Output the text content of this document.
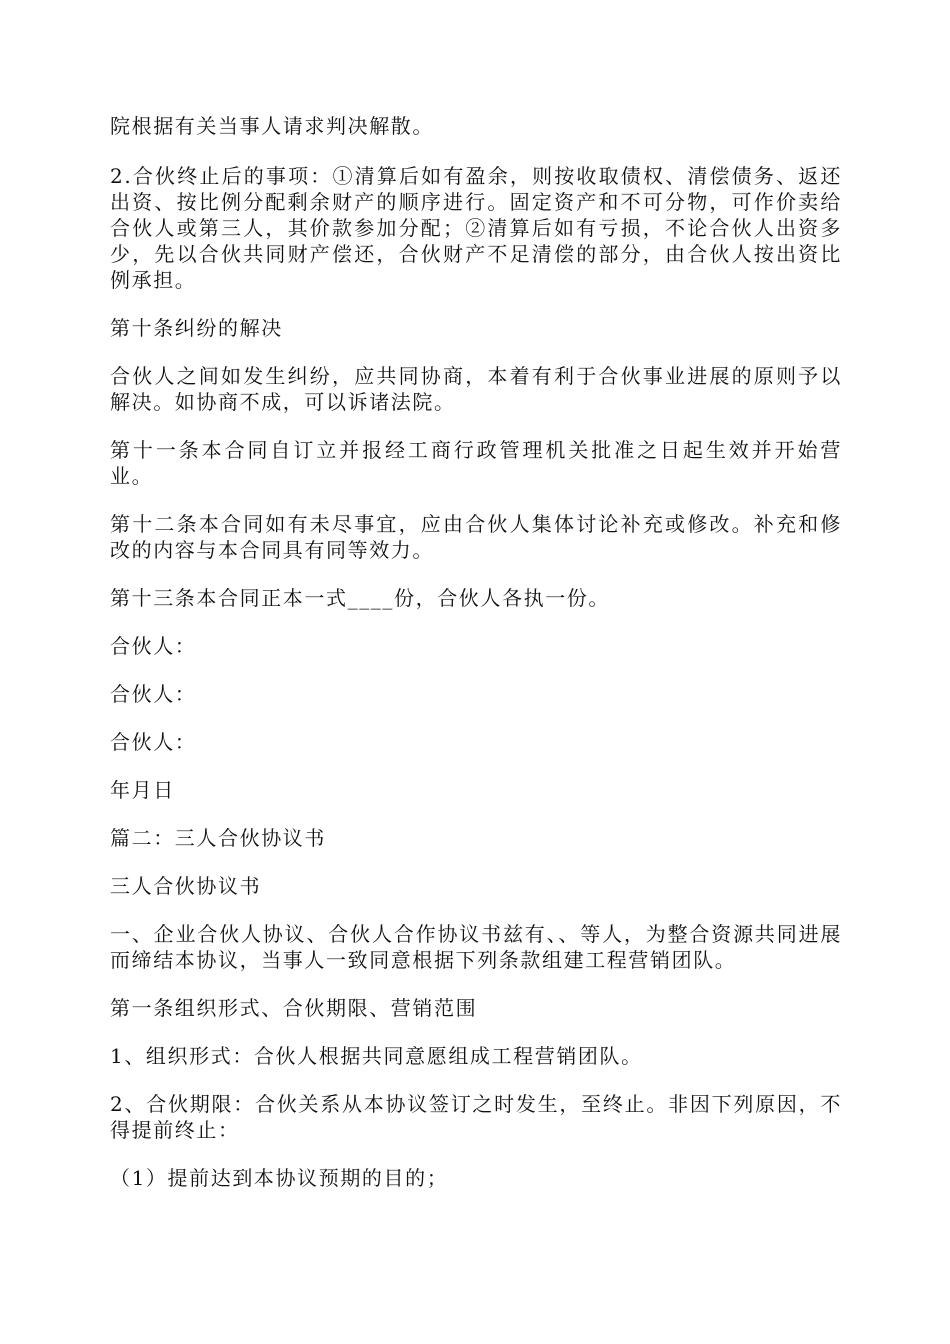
院根据有关当事人请求判决解散。

2.合伙终止后的事项：①清算后如有盈余，则按收取债权、清偿债务、返还出资、按比例分配剩余财产的顺序进行。固定资产和不可分物，可作价卖给合伙人或第三人，其价款参加分配；②清算后如有亏损，不论合伙人出资多少，先以合伙共同财产偿还，合伙财产不足清偿的部分，由合伙人按出资比例承担。

第十条纠纷的解决

合伙人之间如发生纠纷，应共同协商，本着有利于合伙事业进展的原则予以解决。如协商不成，可以诉诸法院。

第十一条本合同自订立并报经工商行政管理机关批准之日起生效并开始营业。

第十二条本合同如有未尽事宜，应由合伙人集体讨论补充或修改。补充和修改的内容与本合同具有同等效力。

第十三条本合同正本一式____份，合伙人各执一份。

合伙人：

合伙人：

合伙人：

年月日

篇二：三人合伙协议书

三人合伙协议书

一、企业合伙人协议、合伙人合作协议书兹有、、等人，为整合资源共同进展而缔结本协议，当事人一致同意根据下列条款组建工程营销团队。

第一条组织形式、合伙期限、营销范围

1、组织形式：合伙人根据共同意愿组成工程营销团队。

2、合伙期限：合伙关系从本协议签订之时发生，至终止。非因下列原因，不得提前终止：

（1）提前达到本协议预期的目的；
